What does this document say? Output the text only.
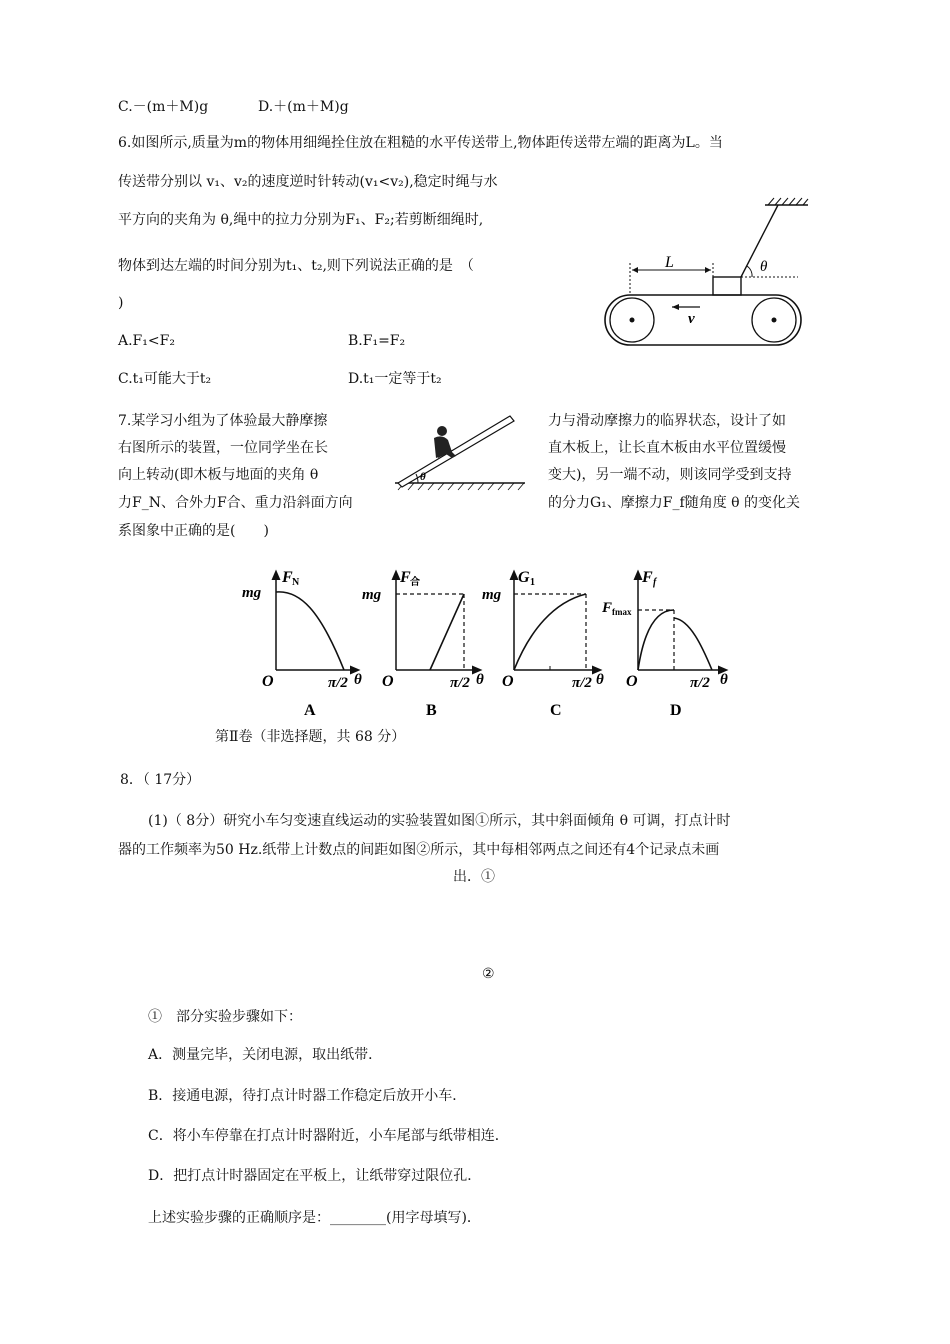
C.－(m＋M)g	D.＋(m＋M)g
6.如图所示,质量为m的物体用细绳拴住放在粗糙的水平传送带上,物体距传送带左端的距离为L。当
传送带分别以 v₁、v₂的速度逆时针转动(v₁<v₂),稳定时绳与水
平方向的夹角为 θ,绳中的拉力分别为F₁、F₂;若剪断细绳时,
物体到达左端的时间分别为t₁、t₂,则下列说法正确的是　（
)
A.F₁<F₂	B.F₁=F₂
C.t₁可能大于t₂	D.t₁一定等于t₂
θ
L
v
7.某学习小组为了体验最大静摩擦	力与滑动摩擦力的临界状态，设计了如
右图所示的装置，一位同学坐在长	直木板上，让长直木板由水平位置缓慢
向上转动(即木板与地面的夹角 θ	变大)，另一端不动，则该同学受到支持
力F_N、合外力F合、重力沿斜面方向	的分力G₁、摩擦力F_f随角度 θ 的变化关
系图象中正确的是(　　)
θ
F N
mg
O	π/2 θ
A
F 合
mg
O	π/2 θ
B
G 1
mg
O	π/2 θ
C
F f
F fmax
O	π/2 θ
D
第Ⅱ卷（非选择题，共 68 分）
8．（ 17分）
(1)（ 8分）研究小车匀变速直线运动的实验装置如图①所示，其中斜面倾角 θ 可调，打点计时
器的工作频率为50 Hz.纸带上计数点的间距如图②所示，其中每相邻两点之间还有4个记录点未画
出．①
②
①　部分实验步骤如下：
A．测量完毕，关闭电源，取出纸带．
B．接通电源，待打点计时器工作稳定后放开小车．
C．将小车停靠在打点计时器附近，小车尾部与纸带相连．
D．把打点计时器固定在平板上，让纸带穿过限位孔．
上述实验步骤的正确顺序是：________(用字母填写)．
